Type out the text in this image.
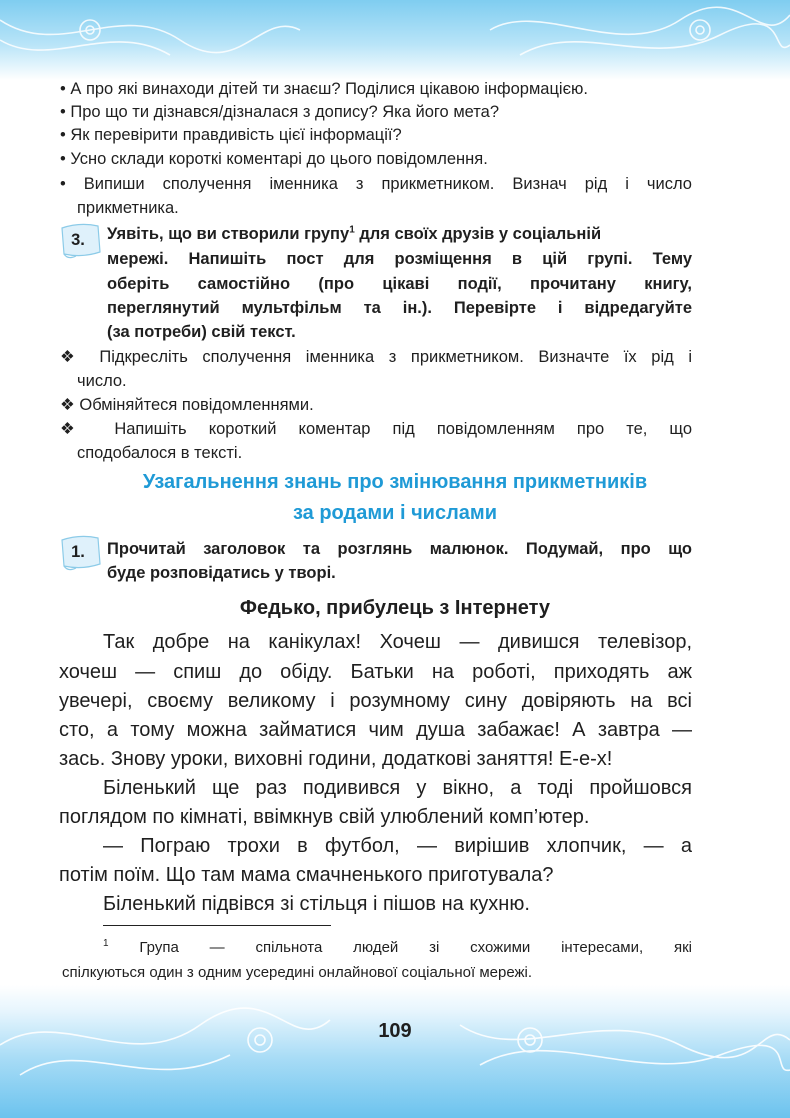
• А про які винаходи дітей ти знаєш? Поділися цікавою інформацією.
• Про що ти дізнався/дізналася з допису? Яка його мета?
• Як перевірити правдивість цієї інформації?
• Усно склади короткі коментарі до цього повідомлення.
• Випиши сполучення іменника з прикметником. Визнач рід і число
прикметника.
3.	Уявіть, що ви створили групу$^1$ для своїх друзів у соціальній
мережі. Напишіть пост для розміщення в цій групі. Тему
оберіть самостійно (про цікаві події, прочитану книгу,
переглянутий мультфільм та ін.). Перевірте і відредагуйте
(за потреби) свій текст.
❖ Підкресліть сполучення іменника з прикметником. Визначте їх рід і
число.
❖ Обміняйтеся повідомленнями.
❖ Напишіть короткий коментар під повідомленням про те, що
сподобалося в тексті.
Узагальнення знань про змінювання прикметників
за родами і числами
1.	Прочитай заголовок та розглянь малюнок. Подумай, про що
буде розповідатись у творі.
Федько, прибулець з Інтернету
Так добре на канікулах! Хочеш — дивишся телевізор,
хочеш — спиш до обіду. Батьки на роботі, приходять аж
увечері, своєму великому і розумному сину довіряють на всі
сто, а тому можна займатися чим душа забажає! А завтра —
зась. Знову уроки, виховні години, додаткові заняття! Е-е-х!
Біленький ще раз подивився у вікно, а тоді пройшовся
поглядом по кімнаті, ввімкнув свій улюблений комп’ютер.
— Пограю трохи в футбол, — вирішив хлопчик, — а
потім поїм. Що там мама смачненького приготувала?
Біленький підвівся зі стільця і пішов на кухню.
$^1$ Група — спільнота людей зі схожими інтересами, які
спілкуються один з одним усередині онлайнової соціальної мережі.
109
